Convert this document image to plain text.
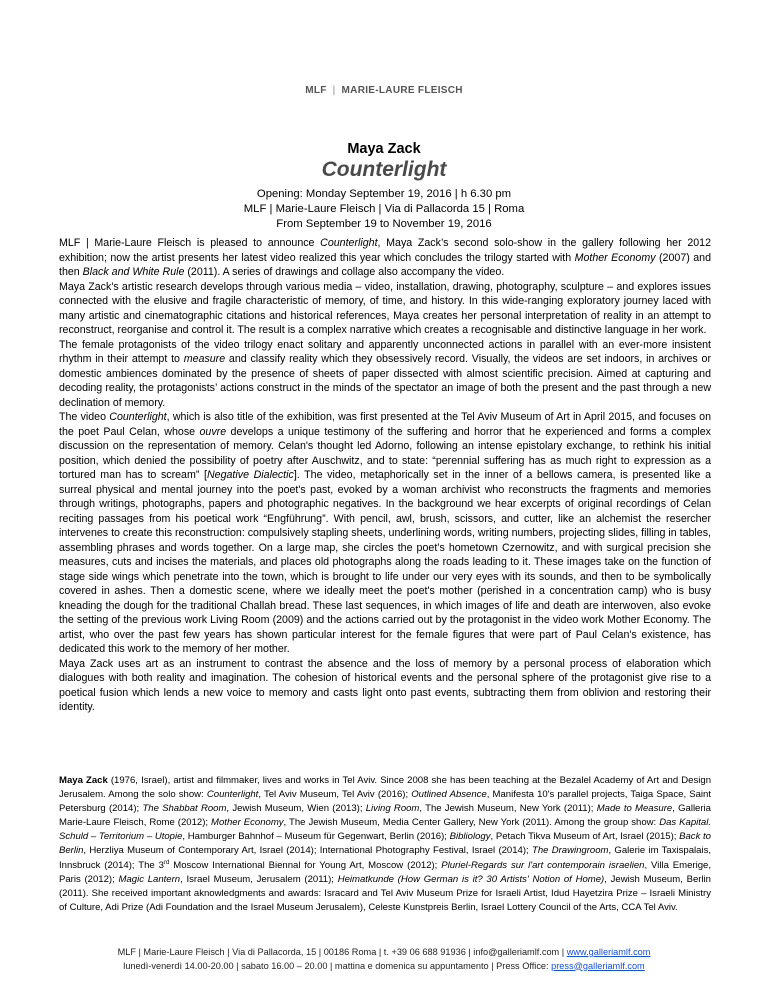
MLF | MARIE-LAURE FLEISCH
Maya Zack
Counterlight
Opening: Monday September 19, 2016 | h 6.30 pm
MLF | Marie-Laure Fleisch | Via di Pallacorda 15 | Roma
From September 19 to November 19, 2016

MLF | Marie-Laure Fleisch is pleased to announce Counterlight, Maya Zack’s second solo-show in the gallery following her 2012 exhibition; now the artist presents her latest video realized this year which concludes the trilogy started with Mother Economy (2007) and then Black and White Rule (2011). A series of drawings and collage also accompany the video.

Maya Zack's artistic research develops through various media – video, installation, drawing, photography, sculpture – and explores issues connected with the elusive and fragile characteristic of memory, of time, and history. In this wide-ranging exploratory journey laced with many artistic and cinematographic citations and historical references, Maya creates her personal interpretation of reality in an attempt to reconstruct, reorganise and control it. The result is a complex narrative which creates a recognisable and distinctive language in her work.

The female protagonists of the video trilogy enact solitary and apparently unconnected actions in parallel with an ever-more insistent rhythm in their attempt to measure and classify reality which they obsessively record. Visually, the videos are set indoors, in archives or domestic ambiences dominated by the presence of sheets of paper dissected with almost scientific precision. Aimed at capturing and decoding reality, the protagonists’ actions construct in the minds of the spectator an image of both the present and the past through a new declination of memory.

The video Counterlight, which is also title of the exhibition, was first presented at the Tel Aviv Museum of Art in April 2015, and focuses on the poet Paul Celan, whose ouvre develops a unique testimony of the suffering and horror that he experienced and forms a complex discussion on the representation of memory. Celan's thought led Adorno, following an intense epistolary exchange, to rethink his initial position, which denied the possibility of poetry after Auschwitz, and to state: “perennial suffering has as much right to expression as a tortured man has to scream” [Negative Dialectic]. The video, metaphorically set in the inner of a bellows camera, is presented like a surreal physical and mental journey into the poet's past, evoked by a woman archivist who reconstructs the fragments and memories through writings, photographs, papers and photographic negatives. In the background we hear excerpts of original recordings of Celan reciting passages from his poetical work “Engführung”. With pencil, awl, brush, scissors, and cutter, like an alchemist the resercher intervenes to create this reconstruction: compulsively stapling sheets, underlining words, writing numbers, projecting slides, filling in tables, assembling phrases and words together. On a large map, she circles the poet’s hometown Czernowitz, and with surgical precision she measures, cuts and incises the materials, and places old photographs along the roads leading to it. These images take on the function of stage side wings which penetrate into the town, which is brought to life under our very eyes with its sounds, and then to be symbolically covered in ashes. Then a domestic scene, where we ideally meet the poet's mother (perished in a concentration camp) who is busy kneading the dough for the traditional Challah bread. These last sequences, in which images of life and death are interwoven, also evoke the setting of the previous work Living Room (2009) and the actions carried out by the protagonist in the video work Mother Economy. The artist, who over the past few years has shown particular interest for the female figures that were part of Paul Celan's existence, has dedicated this work to the memory of her mother.

Maya Zack uses art as an instrument to contrast the absence and the loss of memory by a personal process of elaboration which dialogues with both reality and imagination. The cohesion of historical events and the personal sphere of the protagonist give rise to a poetical fusion which lends a new voice to memory and casts light onto past events, subtracting them from oblivion and restoring their identity.

Maya Zack (1976, Israel), artist and filmmaker, lives and works in Tel Aviv. Since 2008 she has been teaching at the Bezalel Academy of Art and Design Jerusalem. Among the solo show: Counterlight, Tel Aviv Museum, Tel Aviv (2016); Outlined Absence, Manifesta 10's parallel projects, Taiga Space, Saint Petersburg (2014); The Shabbat Room, Jewish Museum, Wien (2013); Living Room, The Jewish Museum, New York (2011); Made to Measure, Galleria Marie-Laure Fleisch, Rome (2012); Mother Economy, The Jewish Museum, Media Center Gallery, New York (2011). Among the group show: Das Kapital. Schuld – Territorium – Utopie, Hamburger Bahnhof – Museum für Gegenwart, Berlin (2016); Bibliology, Petach Tikva Museum of Art, Israel (2015); Back to Berlin, Herzliya Museum of Contemporary Art, Israel (2014); International Photography Festival, Israel (2014); The Drawingroom, Galerie im Taxispalais, Innsbruck (2014); The 3rd Moscow International Biennal for Young Art, Moscow (2012); Pluriel-Regards sur l'art contemporain israelien, Villa Emerige, Paris (2012); Magic Lantern, Israel Museum, Jerusalem (2011); Heimatkunde (How German is it? 30 Artists' Notion of Home), Jewish Museum, Berlin (2011). She received important aknowledgments and awards: Isracard and Tel Aviv Museum Prize for Israeli Artist, Idud Hayetzira Prize – Israeli Ministry of Culture, Adi Prize (Adi Foundation and the Israel Museum Jerusalem), Celeste Kunstpreis Berlin, Israel Lottery Council of the Arts, CCA Tel Aviv.
MLF | Marie-Laure Fleisch | Via di Pallacorda, 15 | 00186 Roma | t. +39 06 688 91936 | info@galleriamlf.com | www.galleriamlf.com
lunedì-venerdì 14.00-20.00 | sabato 16.00 – 20.00 | mattina e domenica su appuntamento | Press Office: press@galleriamlf.com
